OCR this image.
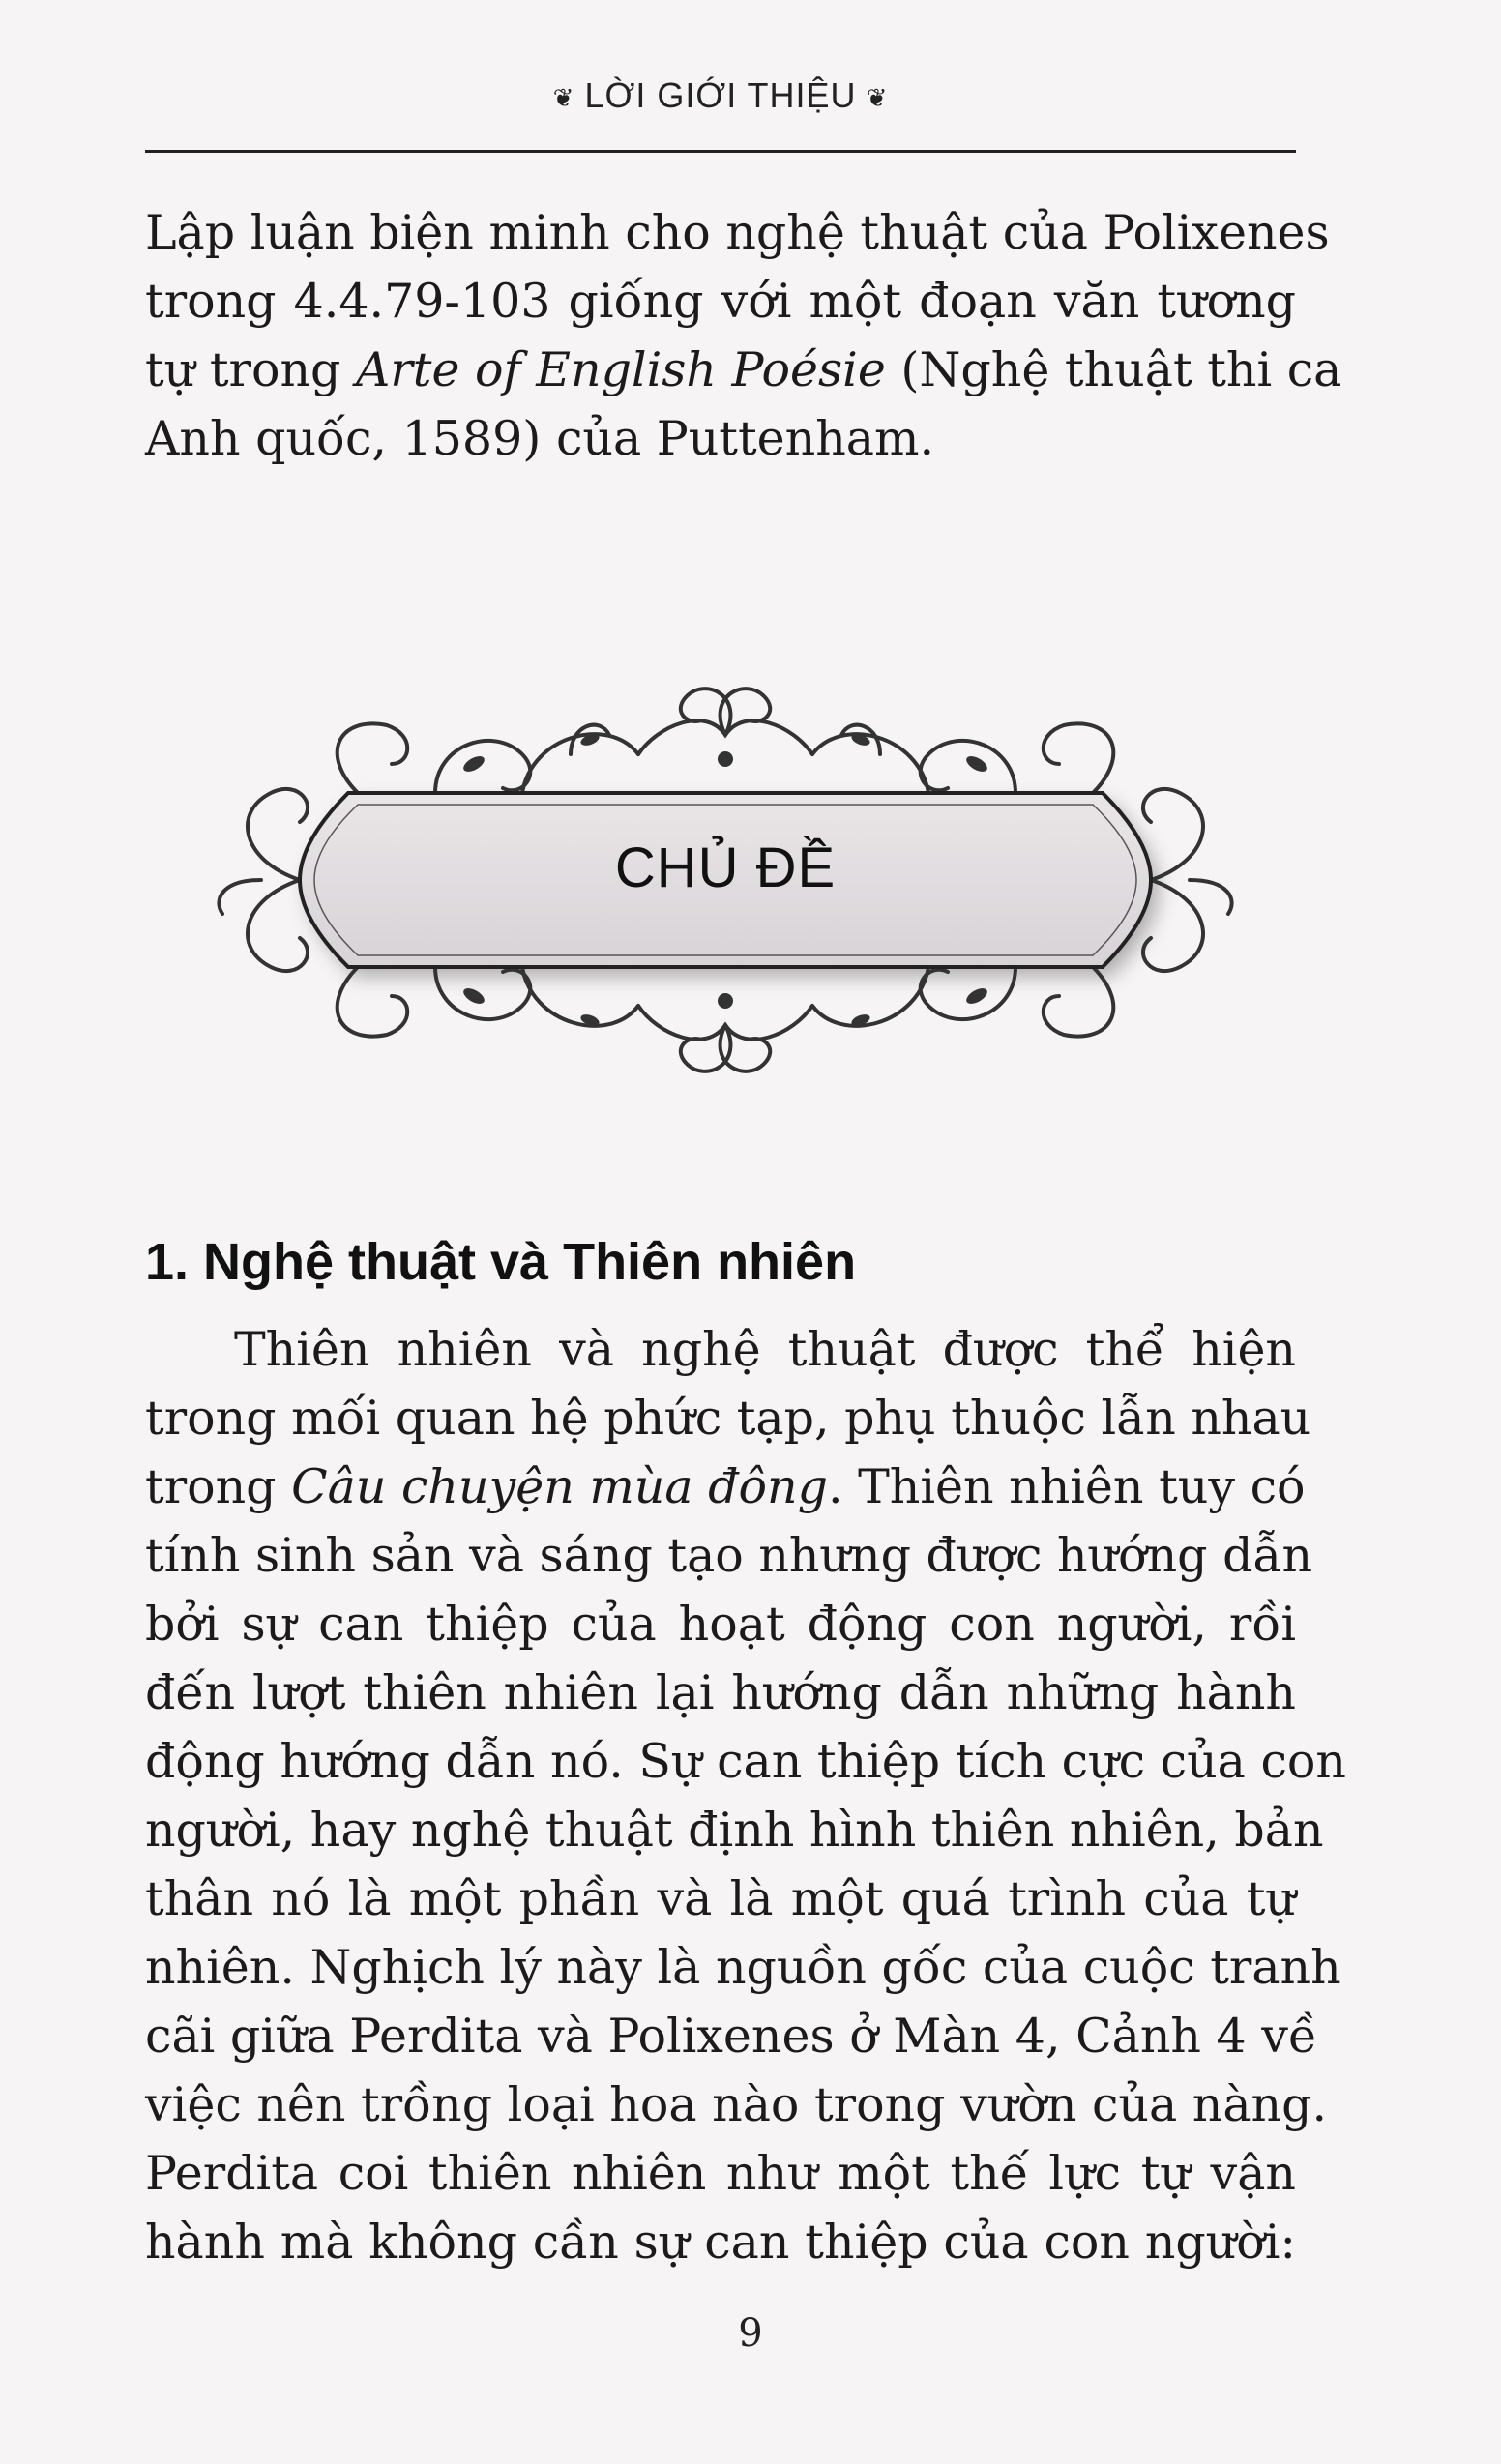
❦ LỜI GIỚI THIỆU ❦
Lập luận biện minh cho nghệ thuật của Polixenes
trong 4.4.79-103 giống với một đoạn văn tương
tự trong Arte of English Poésie (Nghệ thuật thi ca
Anh quốc, 1589) của Puttenham.
CHỦ ĐỀ
1. Nghệ thuật và Thiên nhiên
Thiên nhiên và nghệ thuật được thể hiện
trong mối quan hệ phức tạp, phụ thuộc lẫn nhau
trong Câu chuyện mùa đông. Thiên nhiên tuy có
tính sinh sản và sáng tạo nhưng được hướng dẫn
bởi sự can thiệp của hoạt động con người, rồi
đến lượt thiên nhiên lại hướng dẫn những hành
động hướng dẫn nó. Sự can thiệp tích cực của con
người, hay nghệ thuật định hình thiên nhiên, bản
thân nó là một phần và là một quá trình của tự
nhiên. Nghịch lý này là nguồn gốc của cuộc tranh
cãi giữa Perdita và Polixenes ở Màn 4, Cảnh 4 về
việc nên trồng loại hoa nào trong vườn của nàng.
Perdita coi thiên nhiên như một thế lực tự vận
hành mà không cần sự can thiệp của con người:
9
